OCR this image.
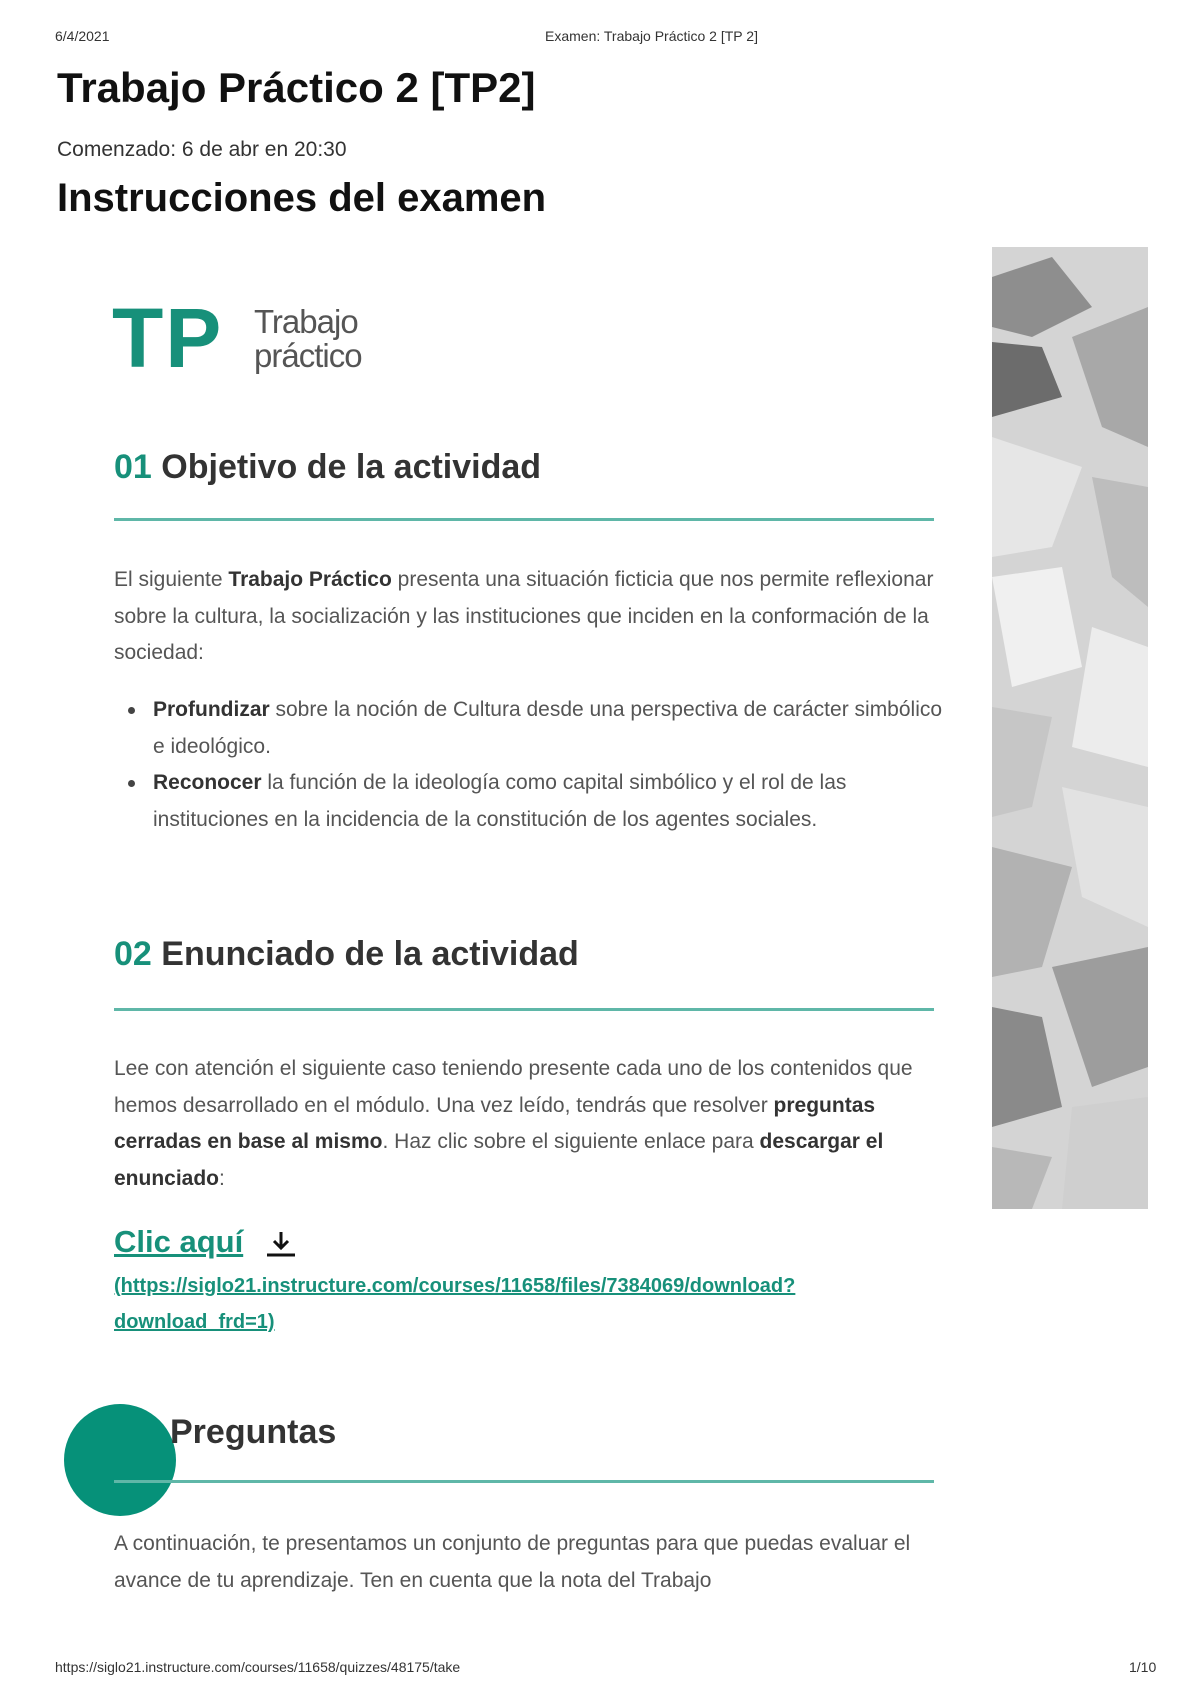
6/4/2021	Examen: Trabajo Práctico 2 [TP 2]
Trabajo Práctico 2 [TP2]
Comenzado: 6 de abr en 20:30
Instrucciones del examen
TP Trabajo
práctico
01 Objetivo de la actividad
El siguiente Trabajo Práctico presenta una situación ficticia que nos permite reflexionar sobre la cultura, la socialización y las instituciones que inciden en la conformación de la sociedad:
Profundizar sobre la noción de Cultura desde una perspectiva de carácter simbólico e ideológico.
Reconocer la función de la ideología como capital simbólico y el rol de las instituciones en la incidencia de la constitución de los agentes sociales.
02 Enunciado de la actividad
Lee con atención el siguiente caso teniendo presente cada uno de los contenidos que hemos desarrollado en el módulo. Una vez leído, tendrás que resolver preguntas cerradas en base al mismo. Haz clic sobre el siguiente enlace para descargar el enunciado:
Clic aquí
(https://siglo21.instructure.com/courses/11658/files/7384069/download?download_frd=1)
Preguntas
A continuación, te presentamos un conjunto de preguntas para que puedas evaluar el avance de tu aprendizaje. Ten en cuenta que la nota del Trabajo
https://siglo21.instructure.com/courses/11658/quizzes/48175/take	1/10
